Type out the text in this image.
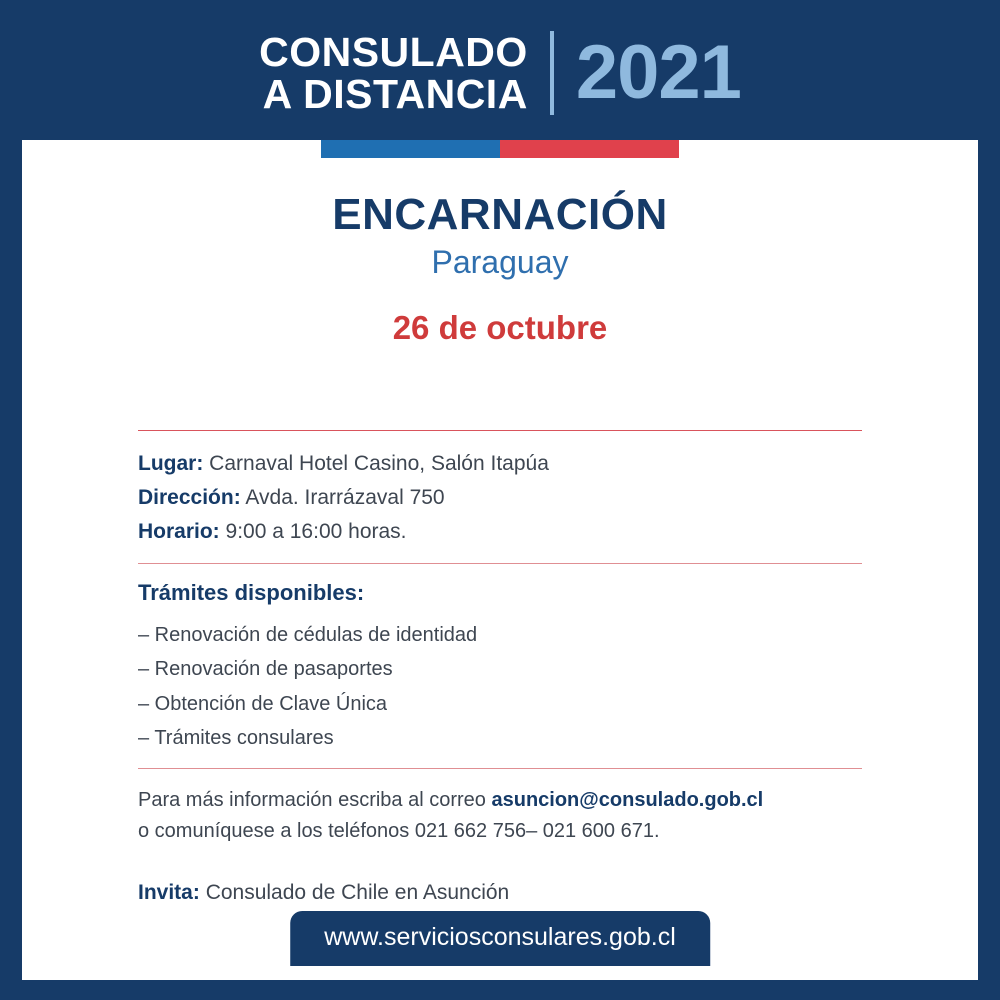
CONSULADO
A DISTANCIA 2021
ENCARNACIÓN
Paraguay
26 de octubre
Lugar: Carnaval Hotel Casino, Salón Itapúa
Dirección: Avda. Irarrázaval 750
Horario: 9:00 a 16:00 horas.
Trámites disponibles:
– Renovación de cédulas de identidad
– Renovación de pasaportes
– Obtención de Clave Única
– Trámites consulares
Para más información escriba al correo asuncion@consulado.gob.cl
o comuníquese a los teléfonos 021 662 756– 021 600 671.
Invita: Consulado de Chile en Asunción
www.serviciosconsulares.gob.cl
